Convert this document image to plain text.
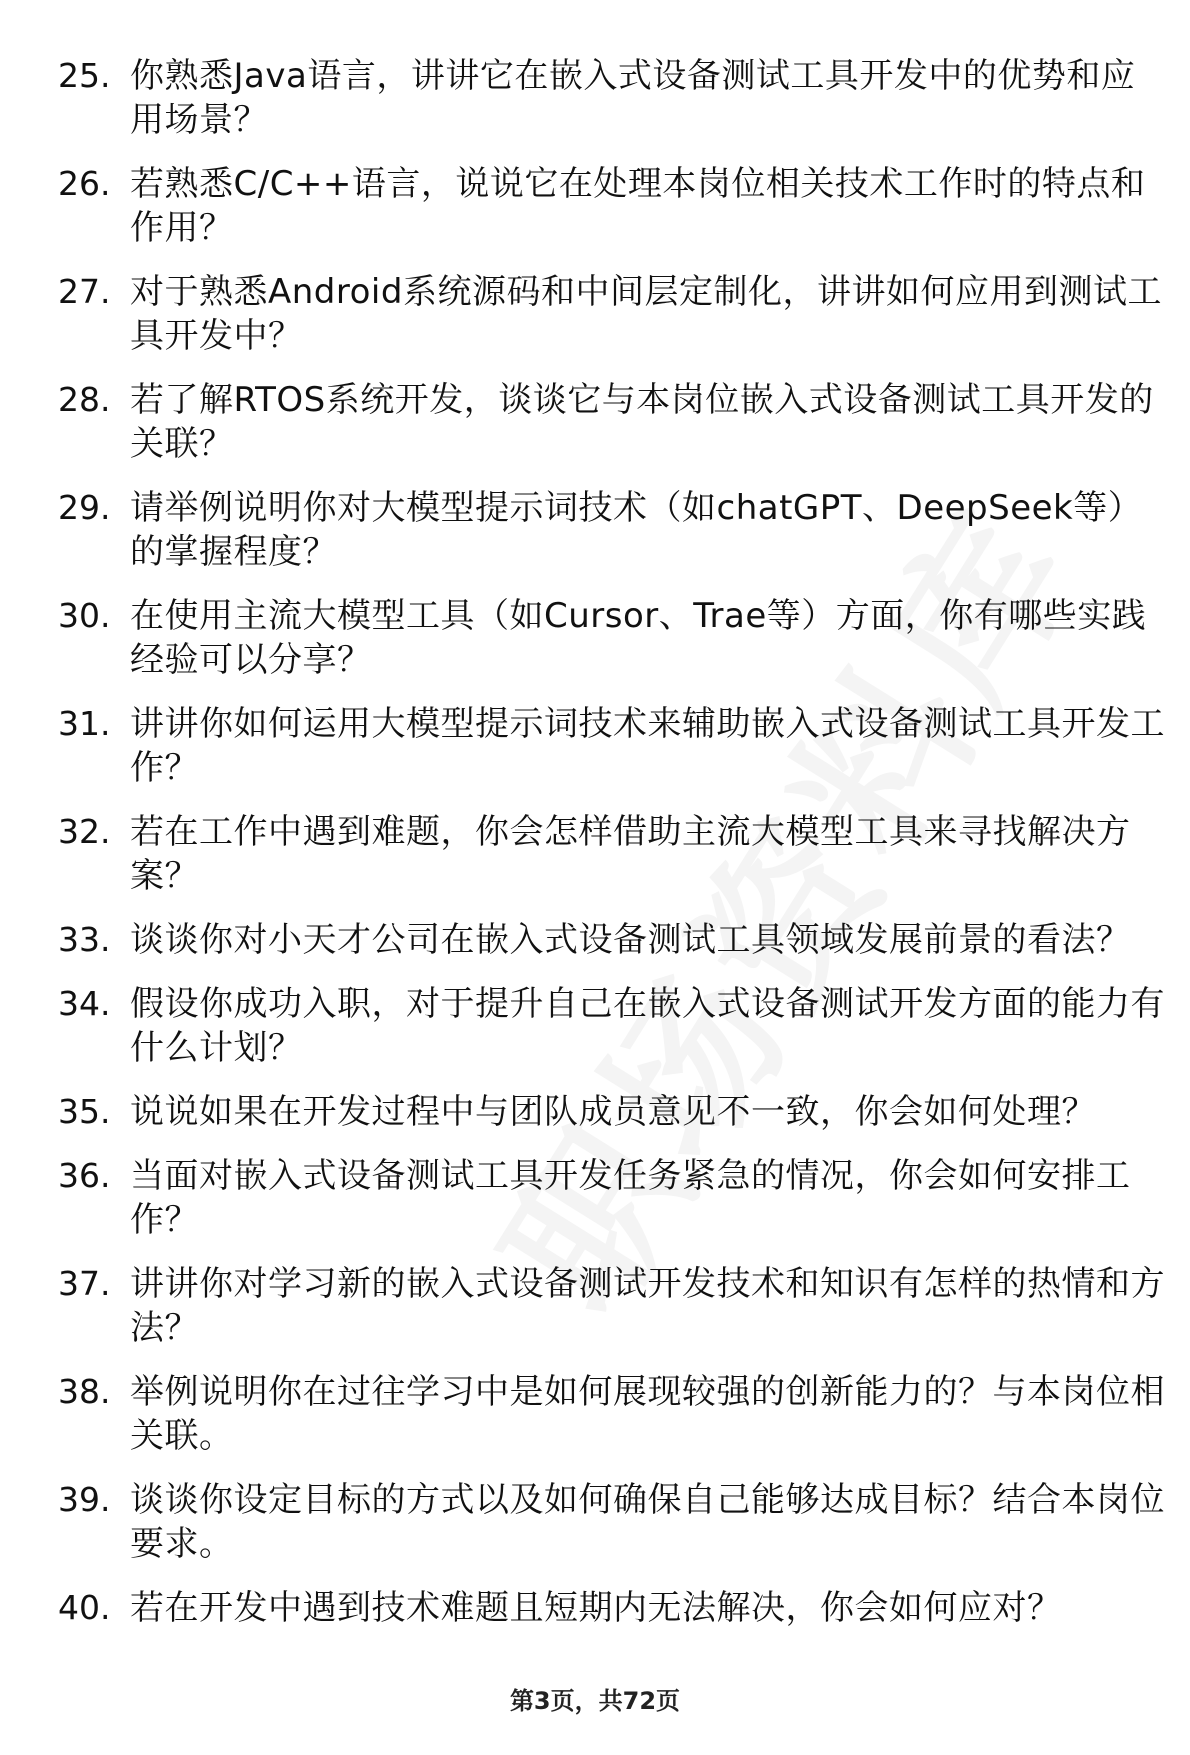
25. 你熟悉Java语言，讲讲它在嵌入式设备测试工具开发中的优势和应用场景？
26. 若熟悉C/C++语言，说说它在处理本岗位相关技术工作时的特点和作用？
27. 对于熟悉Android系统源码和中间层定制化，讲讲如何应用到测试工具开发中？
28. 若了解RTOS系统开发，谈谈它与本岗位嵌入式设备测试工具开发的关联？
29. 请举例说明你对大模型提示词技术（如chatGPT、DeepSeek等）的掌握程度？
30. 在使用主流大模型工具（如Cursor、Trae等）方面，你有哪些实践经验可以分享？
31. 讲讲你如何运用大模型提示词技术来辅助嵌入式设备测试工具开发工作？
32. 若在工作中遇到难题，你会怎样借助主流大模型工具来寻找解决方案？
33. 谈谈你对小天才公司在嵌入式设备测试工具领域发展前景的看法？
34. 假设你成功入职，对于提升自己在嵌入式设备测试开发方面的能力有什么计划？
35. 说说如果在开发过程中与团队成员意见不一致，你会如何处理？
36. 当面对嵌入式设备测试工具开发任务紧急的情况，你会如何安排工作？
37. 讲讲你对学习新的嵌入式设备测试开发技术和知识有怎样的热情和方法？
38. 举例说明你在过往学习中是如何展现较强的创新能力的？与本岗位相关联。
39. 谈谈你设定目标的方式以及如何确保自己能够达成目标？结合本岗位要求。
40. 若在开发中遇到技术难题且短期内无法解决，你会如何应对？
第3页，共72页
